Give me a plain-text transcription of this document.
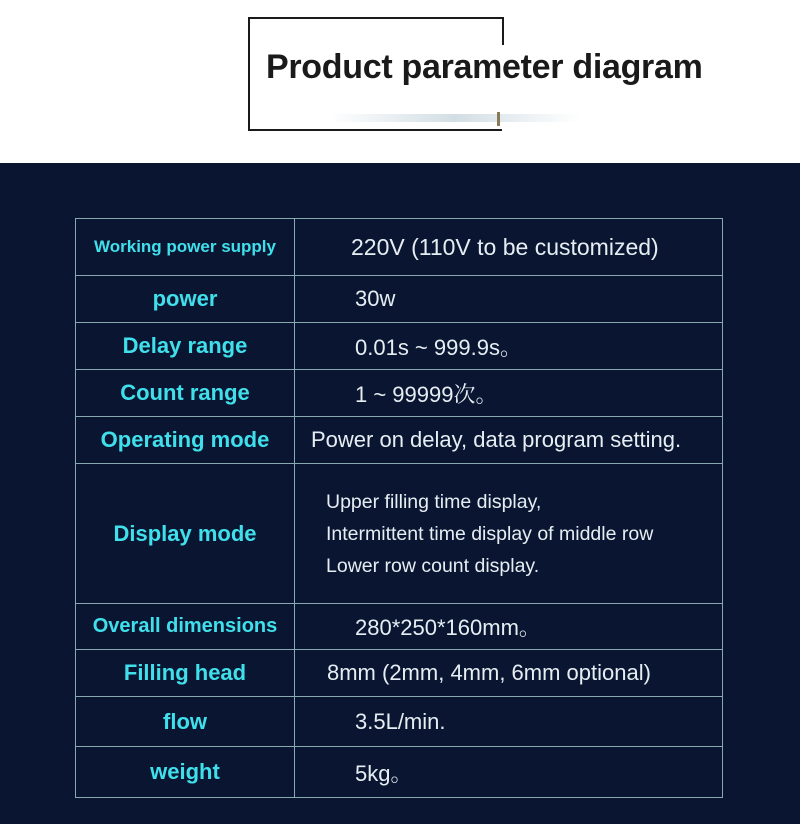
Product parameter diagram
Working power supply	220V (110V to be customized)
power	30w
Delay range	0.01s ~ 999.9s。
Count range	1 ~ 99999次。
Operating mode	Power on delay, data program setting.
Display mode	Upper filling time display,
Intermittent time display of middle row
Lower row count display.

Overall dimensions	280*250*160mm。
Filling head	8mm (2mm, 4mm, 6mm optional)
flow	3.5L/min.
weight	5kg。
